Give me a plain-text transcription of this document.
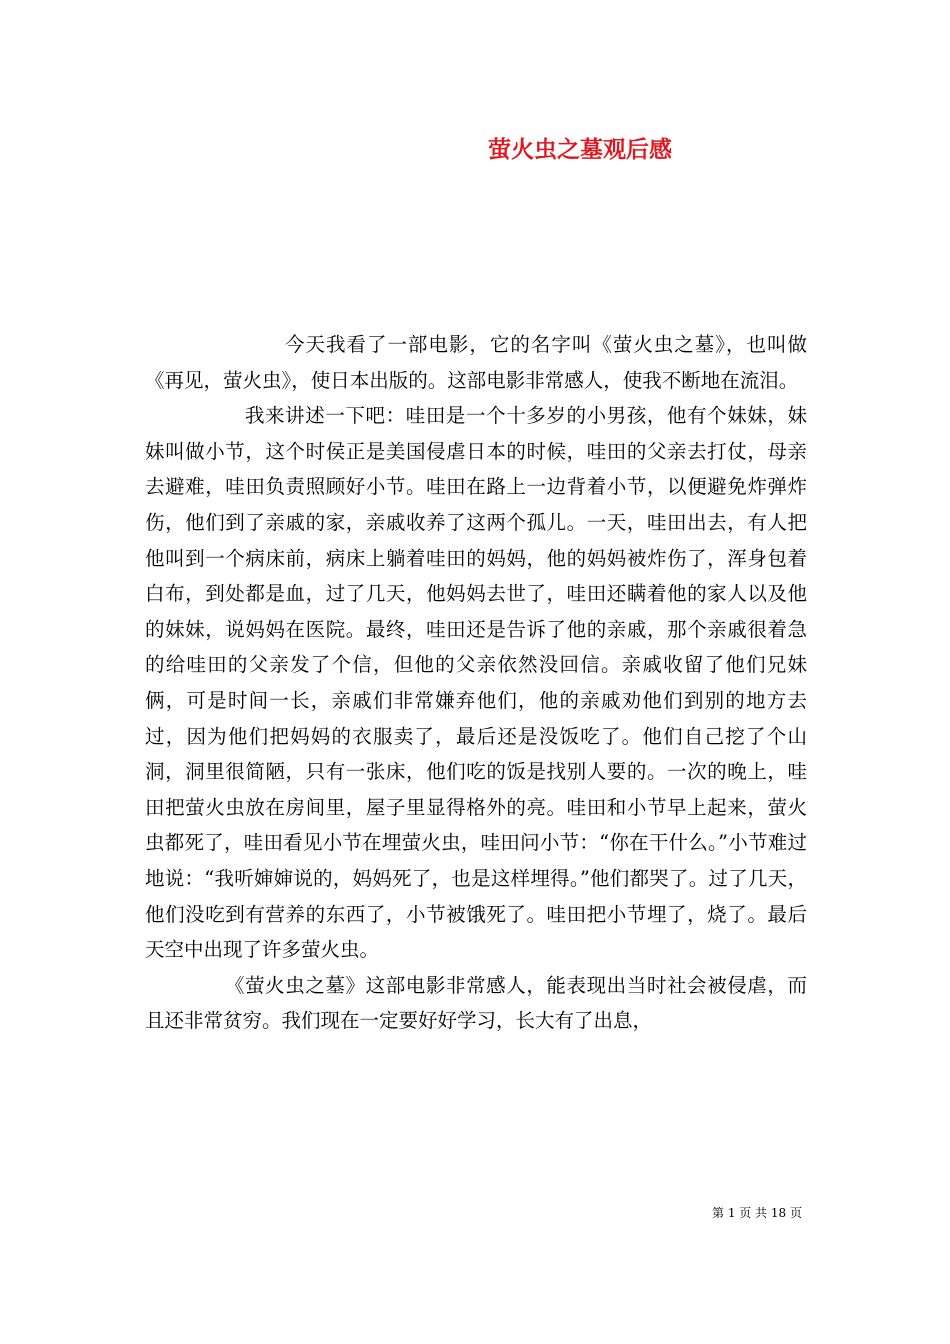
萤火虫之墓观后感

今天我看了一部电影，它的名字叫《萤火虫之墓》，也叫做《再见，萤火虫》，使日本出版的。这部电影非常感人，使我不断地在流泪。

我来讲述一下吧：哇田是一个十多岁的小男孩，他有个妹妹，妹妹叫做小节，这个时侯正是美国侵虐日本的时候，哇田的父亲去打仗，母亲去避难，哇田负责照顾好小节。哇田在路上一边背着小节，以便避免炸弹炸伤，他们到了亲戚的家，亲戚收养了这两个孤儿。一天，哇田出去，有人把他叫到一个病床前，病床上躺着哇田的妈妈，他的妈妈被炸伤了，浑身包着白布，到处都是血，过了几天，他妈妈去世了，哇田还瞒着他的家人以及他的妹妹，说妈妈在医院。最终，哇田还是告诉了他的亲戚，那个亲戚很着急的给哇田的父亲发了个信，但他的父亲依然没回信。亲戚收留了他们兄妹俩，可是时间一长，亲戚们非常嫌弃他们，他的亲戚劝他们到别的地方去过，因为他们把妈妈的衣服卖了，最后还是没饭吃了。他们自己挖了个山洞，洞里很简陋，只有一张床，他们吃的饭是找别人要的。一次的晚上，哇田把萤火虫放在房间里，屋子里显得格外的亮。哇田和小节早上起来，萤火虫都死了，哇田看见小节在埋萤火虫，哇田问小节：“你在干什么。”小节难过地说：“我听婶婶说的，妈妈死了，也是这样埋得。”他们都哭了。过了几天，他们没吃到有营养的东西了，小节被饿死了。哇田把小节埋了，烧了。最后天空中出现了许多萤火虫。

《萤火虫之墓》这部电影非常感人，能表现出当时社会被侵虐，而且还非常贫穷。我们现在一定要好好学习，长大有了出息，

第 1 页 共 18 页
